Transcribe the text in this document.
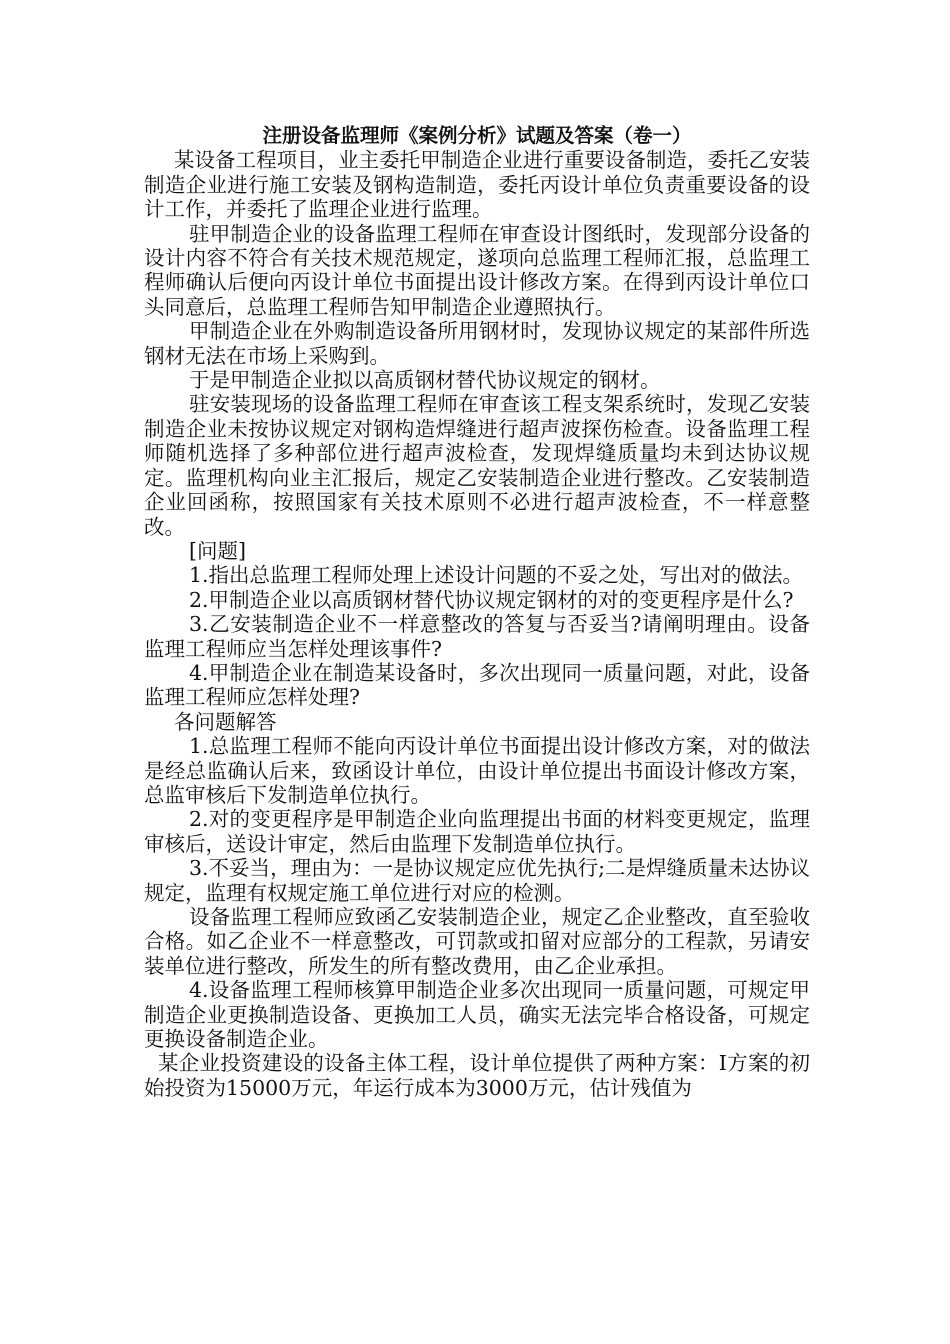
注册设备监理师《案例分析》试题及答案（卷一）

某设备工程项目，业主委托甲制造企业进行重要设备制造，委托乙安装制造企业进行施工安装及钢构造制造，委托丙设计单位负责重要设备的设计工作，并委托了监理企业进行监理。

驻甲制造企业的设备监理工程师在审查设计图纸时，发现部分设备的设计内容不符合有关技术规范规定，遂项向总监理工程师汇报，总监理工程师确认后便向丙设计单位书面提出设计修改方案。在得到丙设计单位口头同意后，总监理工程师告知甲制造企业遵照执行。

甲制造企业在外购制造设备所用钢材时，发现协议规定的某部件所选钢材无法在市场上采购到。

于是甲制造企业拟以高质钢材替代协议规定的钢材。

驻安装现场的设备监理工程师在审查该工程支架系统时，发现乙安装制造企业未按协议规定对钢构造焊缝进行超声波探伤检查。设备监理工程师随机选择了多种部位进行超声波检查，发现焊缝质量均未到达协议规定。监理机构向业主汇报后，规定乙安装制造企业进行整改。乙安装制造企业回函称，按照国家有关技术原则不必进行超声波检查，不一样意整改。

[问题]

1.指出总监理工程师处理上述设计问题的不妥之处，写出对的做法。

2.甲制造企业以高质钢材替代协议规定钢材的对的变更程序是什么?

3.乙安装制造企业不一样意整改的答复与否妥当?请阐明理由。设备监理工程师应当怎样处理该事件?

4.甲制造企业在制造某设备时，多次出现同一质量问题，对此，设备监理工程师应怎样处理?

各问题解答

1.总监理工程师不能向丙设计单位书面提出设计修改方案，对的做法是经总监确认后来，致函设计单位，由设计单位提出书面设计修改方案，总监审核后下发制造单位执行。

2.对的变更程序是甲制造企业向监理提出书面的材料变更规定，监理审核后，送设计审定，然后由监理下发制造单位执行。

3.不妥当，理由为：一是协议规定应优先执行;二是焊缝质量未达协议规定，监理有权规定施工单位进行对应的检测。

设备监理工程师应致函乙安装制造企业，规定乙企业整改，直至验收合格。如乙企业不一样意整改，可罚款或扣留对应部分的工程款，另请安装单位进行整改，所发生的所有整改费用，由乙企业承担。

4.设备监理工程师核算甲制造企业多次出现同一质量问题，可规定甲制造企业更换制造设备、更换加工人员，确实无法完毕合格设备，可规定更换设备制造企业。

某企业投资建设的设备主体工程，设计单位提供了两种方案：Ⅰ方案的初始投资为15000万元，年运行成本为3000万元，估计残值为
